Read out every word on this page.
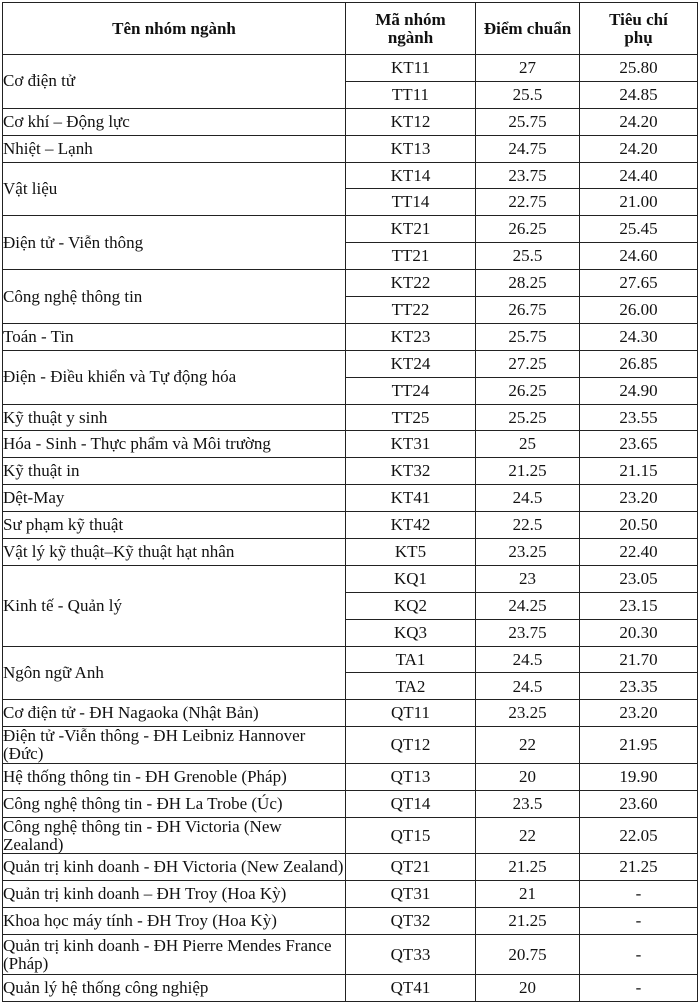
Tên nhóm ngành	Mã nhóm ngành	Điểm chuẩn	Tiêu chí phụ

Cơ điện tử	KT11	27	25.80
	TT11	25.5	24.85
Cơ khí – Động lực	KT12	25.75	24.20
Nhiệt – Lạnh	KT13	24.75	24.20
Vật liệu	KT14	23.75	24.40
	TT14	22.75	21.00
Điện tử - Viễn thông	KT21	26.25	25.45
	TT21	25.5	24.60
Công nghệ thông tin	KT22	28.25	27.65
	TT22	26.75	26.00
Toán - Tin	KT23	25.75	24.30
Điện - Điều khiển và Tự động hóa	KT24	27.25	26.85
	TT24	26.25	24.90
Kỹ thuật y sinh	TT25	25.25	23.55
Hóa - Sinh - Thực phẩm và Môi trường	KT31	25	23.65
Kỹ thuật in	KT32	21.25	21.15
Dệt-May	KT41	24.5	23.20
Sư phạm kỹ thuật	KT42	22.5	20.50
Vật lý kỹ thuật–Kỹ thuật hạt nhân	KT5	23.25	22.40
Kinh tế - Quản lý	KQ1	23	23.05
	KQ2	24.25	23.15
	KQ3	23.75	20.30
Ngôn ngữ Anh	TA1	24.5	21.70
	TA2	24.5	23.35
Cơ điện tử - ĐH Nagaoka (Nhật Bản)	QT11	23.25	23.20
Điện tử -Viễn thông - ĐH Leibniz Hannover (Đức)	QT12	22	21.95
Hệ thống thông tin - ĐH Grenoble (Pháp)	QT13	20	19.90
Công nghệ thông tin - ĐH La Trobe (Úc)	QT14	23.5	23.60
Công nghệ thông tin - ĐH Victoria (New Zealand)	QT15	22	22.05
Quản trị kinh doanh - ĐH Victoria (New Zealand)	QT21	21.25	21.25
Quản trị kinh doanh – ĐH Troy (Hoa Kỳ)	QT31	21	-
Khoa học máy tính - ĐH Troy (Hoa Kỳ)	QT32	21.25	-
Quản trị kinh doanh - ĐH Pierre Mendes France (Pháp)	QT33	20.75	-
Quản lý hệ thống công nghiệp	QT41	20	-
